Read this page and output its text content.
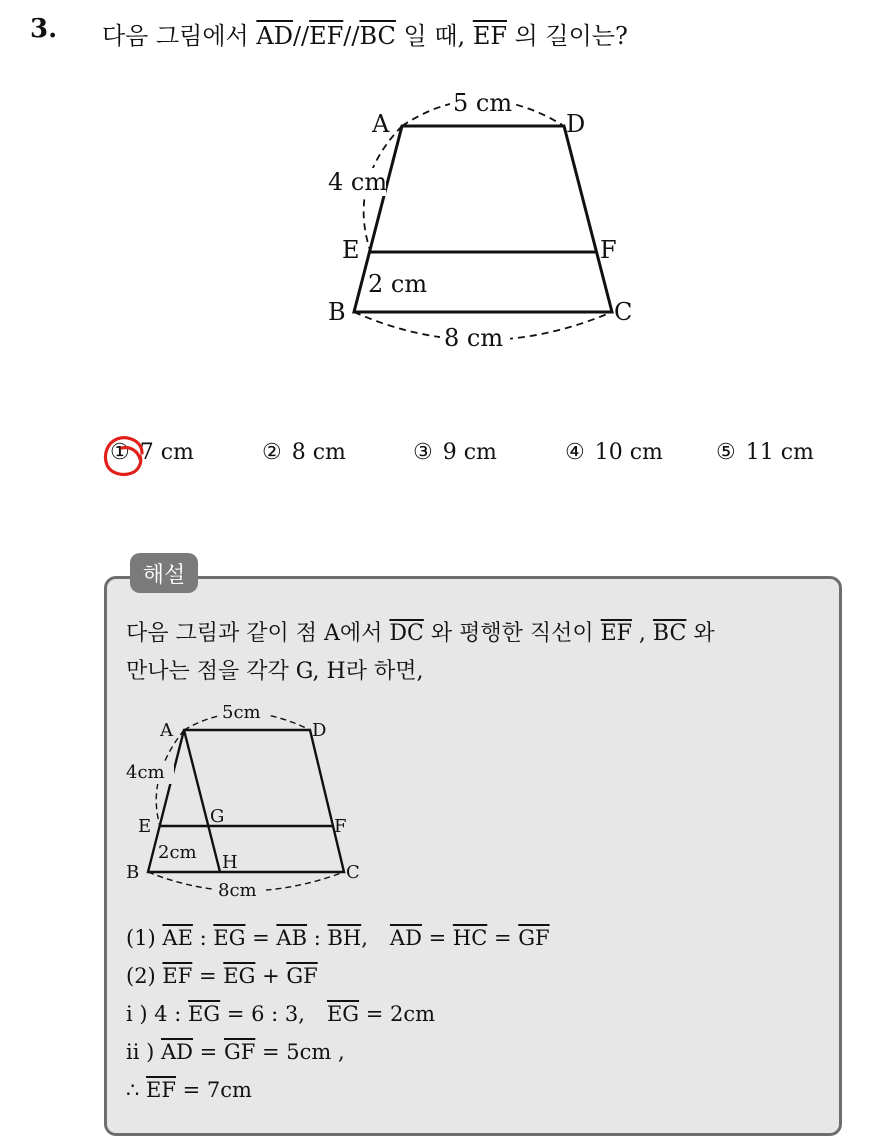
3. 다음 그림에서 $\overline{AD}//\overline{EF}//\overline{BC}$ 일 때, $\overline{EF}$ 의 길이는?
A	D
E	F
B	C
5 cm
4 cm
2 cm
8 cm
① 7 cm	② 8 cm	③ 9 cm	④ 10 cm ⑤ 11 cm
해설
다음 그림과 같이 점 A에서 $\overline{DC}$ 와 평행한 직선이 $\overline{EF}$ , $\overline{BC}$ 와
만나는 점을 각각 G, H라 하면,
A	D
E	F
B	C
G
H
5cm
4cm
2cm
8cm
(1) $\overline{AE}$ : $\overline{EG} = \overline{AB}$ : $\overline{BH}$, $\overline{AD} = \overline{HC} = \overline{GF}$
(2) $\overline{EF} = \overline{EG} + \overline{GF}$
i ) 4 : $\overline{EG} = 6$ : 3, $\overline{EG} = 2cm$
ii ) $\overline{AD} = \overline{GF} = 5cm$ ,
∴ $\overline{EF} = 7cm$
